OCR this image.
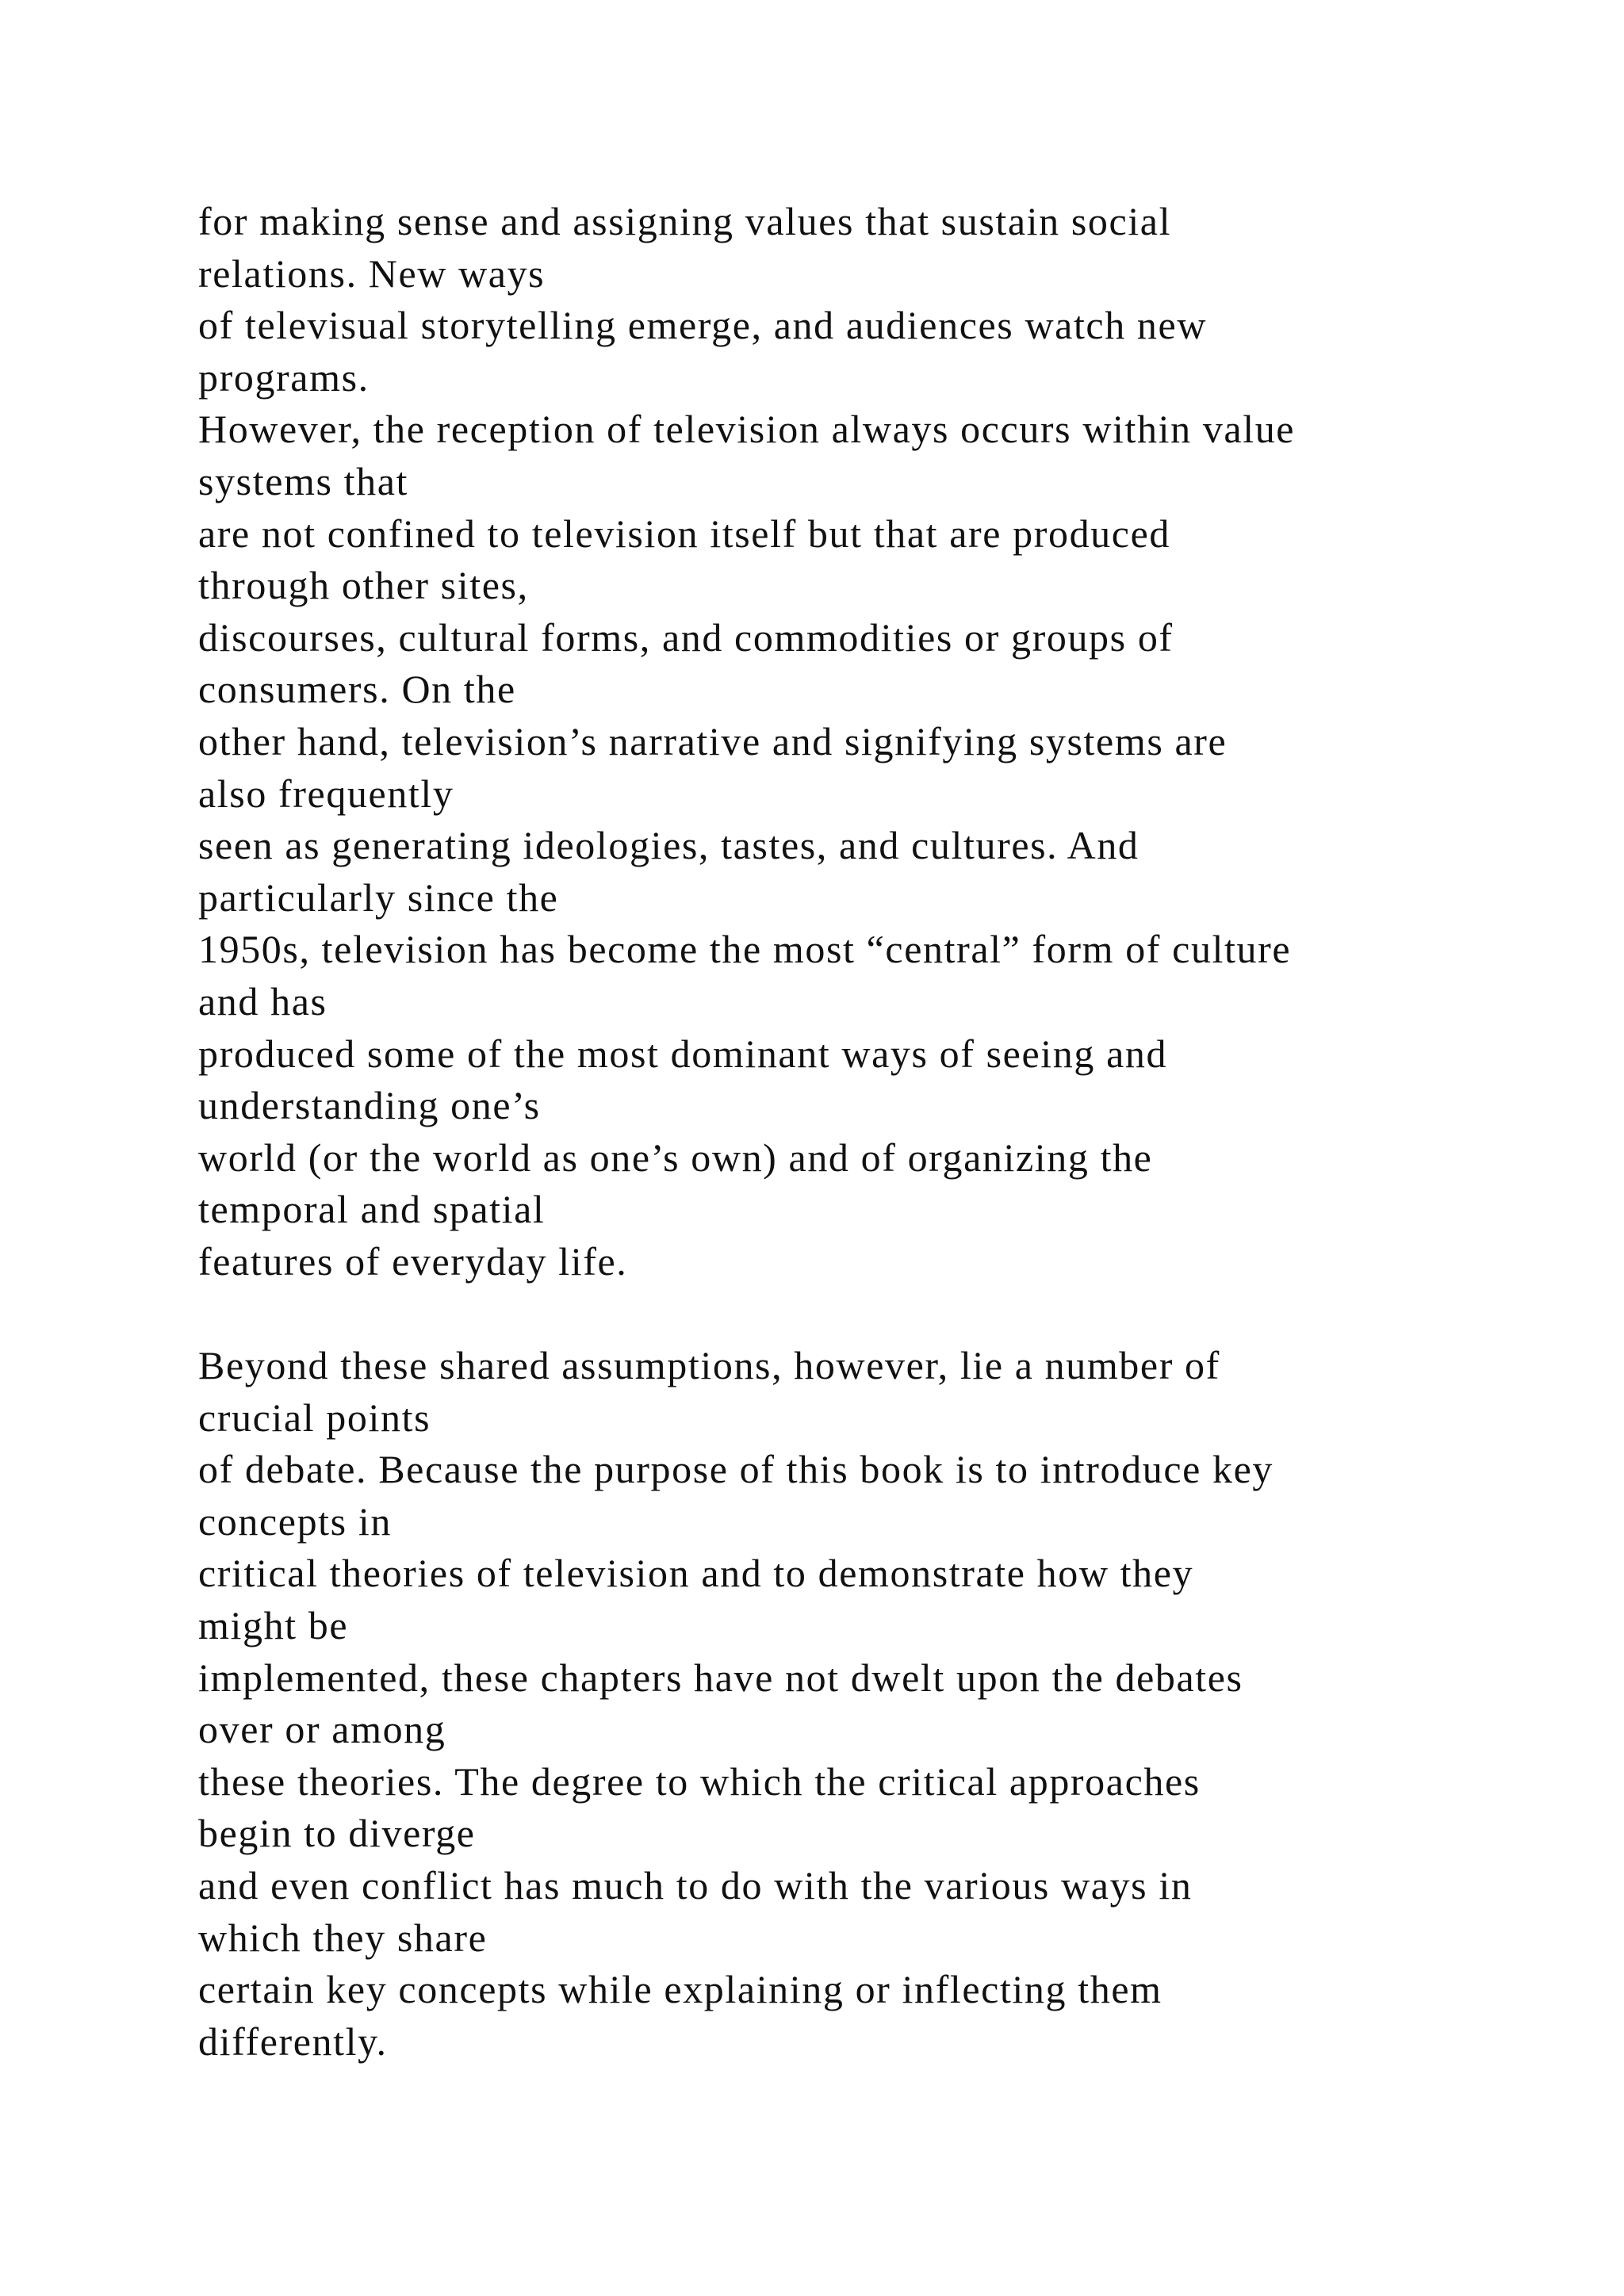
for making sense and assigning values that sustain social
relations. New ways
of televisual storytelling emerge, and audiences watch new
programs.
However, the reception of television always occurs within value
systems that
are not confined to television itself but that are produced
through other sites,
discourses, cultural forms, and commodities or groups of
consumers. On the
other hand, television’s narrative and signifying systems are
also frequently
seen as generating ideologies, tastes, and cultures. And
particularly since the
1950s, television has become the most “central” form of culture
and has
produced some of the most dominant ways of seeing and
understanding one’s
world (or the world as one’s own) and of organizing the
temporal and spatial
features of everyday life.
Beyond these shared assumptions, however, lie a number of
crucial points
of debate. Because the purpose of this book is to introduce key
concepts in
critical theories of television and to demonstrate how they
might be
implemented, these chapters have not dwelt upon the debates
over or among
these theories. The degree to which the critical approaches
begin to diverge
and even conflict has much to do with the various ways in
which they share
certain key concepts while explaining or inflecting them
differently.
